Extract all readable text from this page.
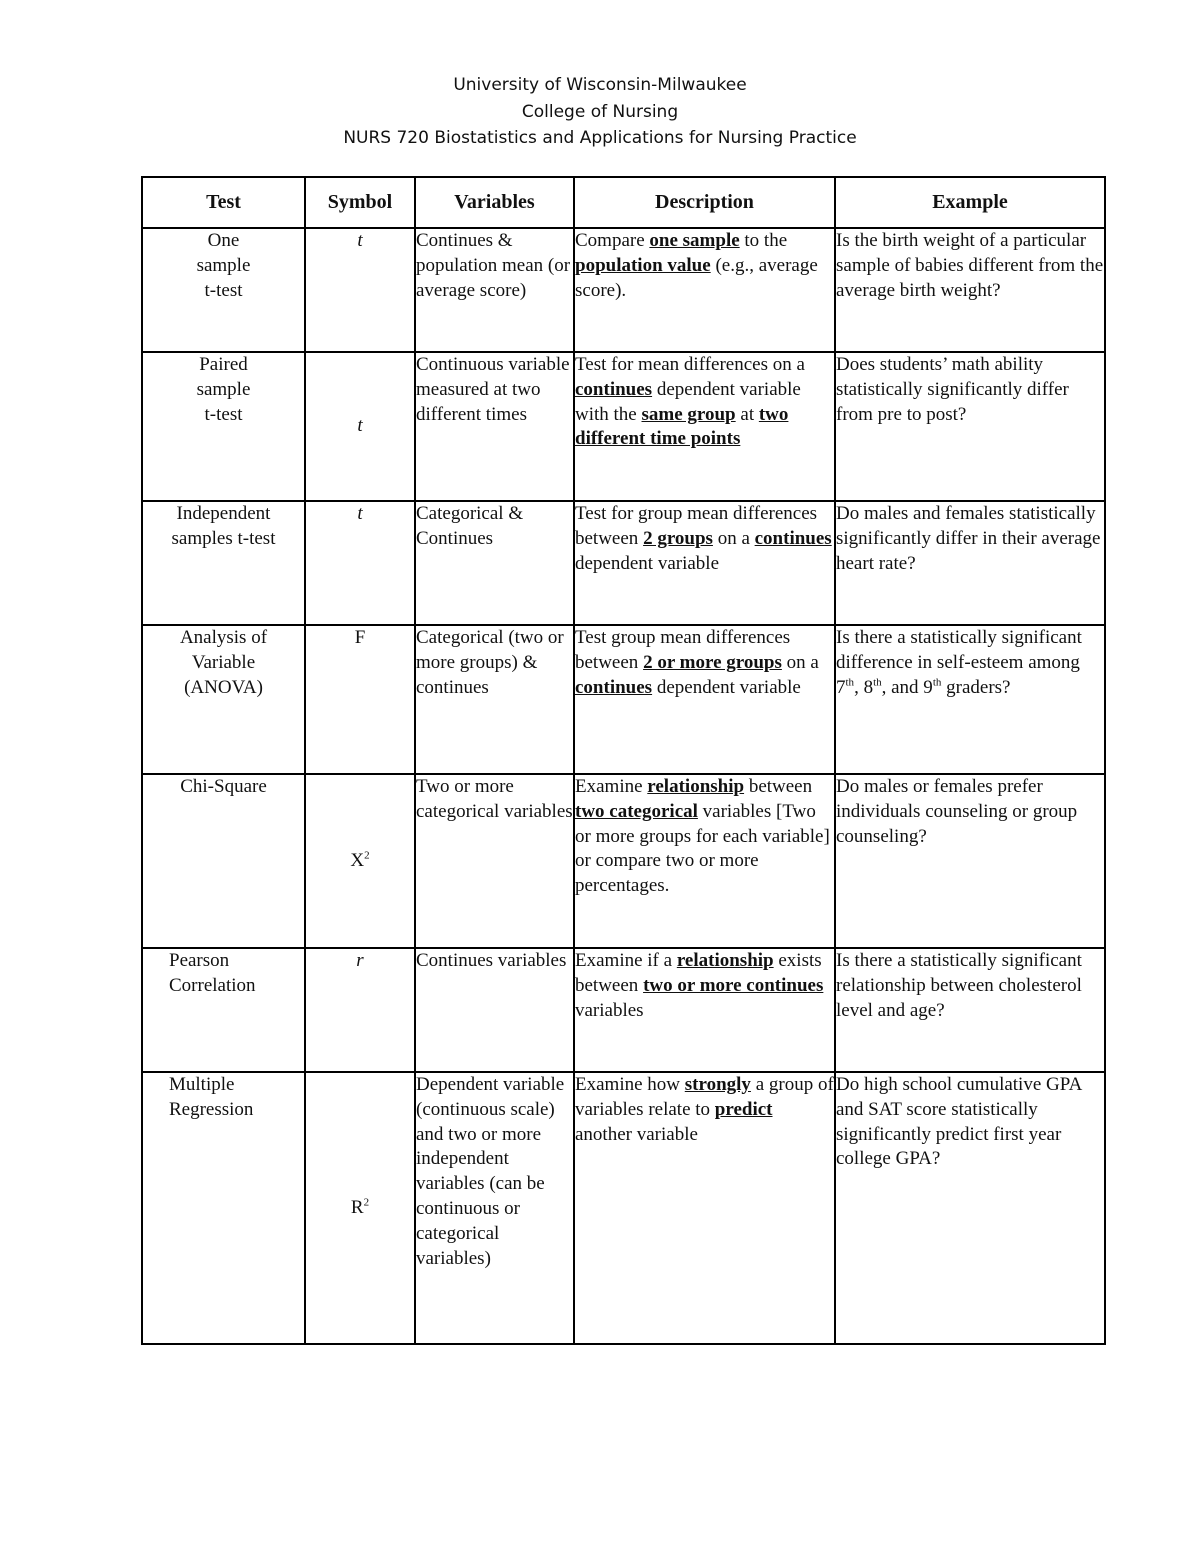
University of Wisconsin-Milwaukee
College of Nursing
NURS 720 Biostatistics and Applications for Nursing Practice
Test	Symbol	Variables	Description	Example

One
sample
t-test	t	Continues & population mean (or average score)	Compare one sample to the population value (e.g., average score).	Is the birth weight of a particular sample of babies different from the average birth weight?

Paired
sample
t-test	t	Continuous variable measured at two different times	Test for mean differences on a continues dependent variable with the same group at two different time points	Does students’ math ability statistically significantly differ from pre to post?

Independent
samples t-test	t	Categorical & Continues	Test for group mean differences between 2 groups on a continues dependent variable	Do males and females statistically significantly differ in their average heart rate?

Analysis of
Variable
(ANOVA)	F	Categorical (two or more groups) & continues	Test group mean differences between 2 or more groups on a continues dependent variable	Is there a statistically significant difference in self-esteem among 7th, 8th, and 9th graders?

Chi-Square	$X^2$	Two or more categorical variables	Examine relationship between two categorical variables [Two or more groups for each variable] or compare two or more percentages.	Do males or females prefer individuals counseling or group counseling?

Pearson
Correlation	r	Continues variables	Examine if a relationship exists between two or more continues variables	Is there a statistically significant relationship between cholesterol level and age?

Multiple
Regression	$R^2$	Dependent variable (continuous scale) and two or more independent variables (can be continuous or categorical variables)	Examine how strongly a group of variables relate to predict another variable	Do high school cumulative GPA and SAT score statistically significantly predict first year college GPA?
